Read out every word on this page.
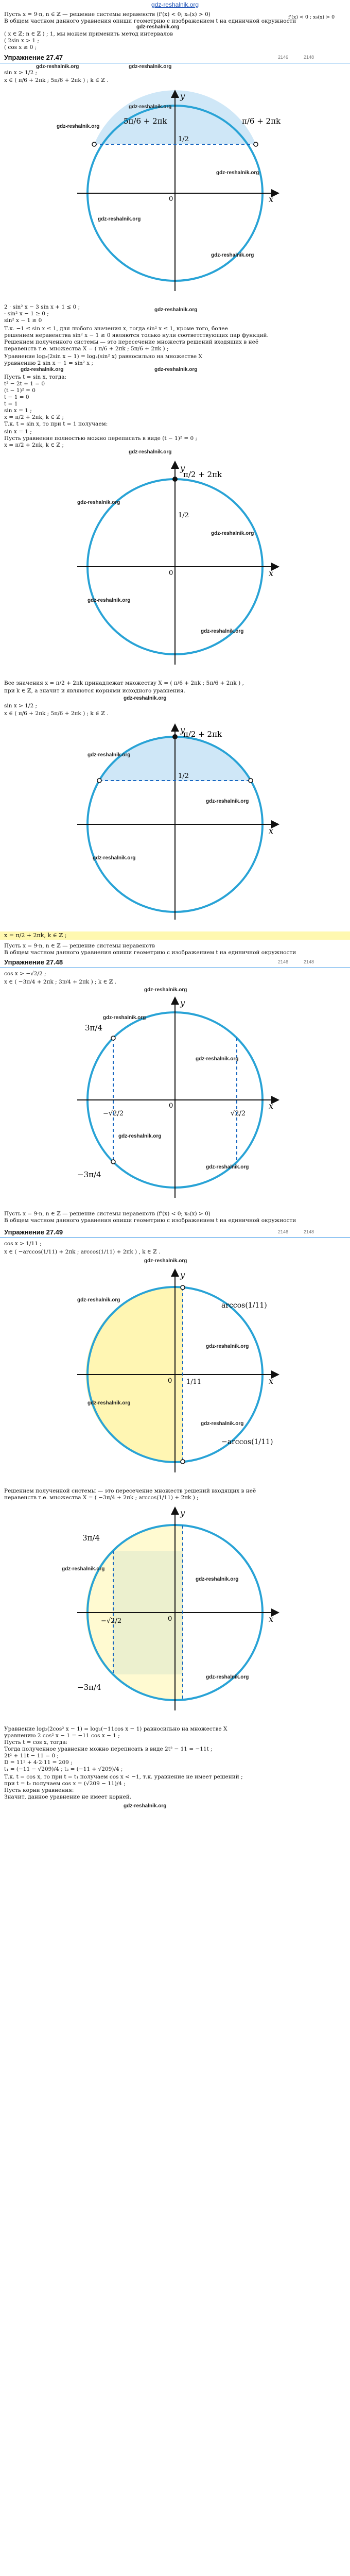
gdz-reshalnik.org
Пусть x = 9·n, n ∈ ℤ — решение системы неравенств (f'(x) < 0; x₀(x) > 0)
В общем частном данного уравнения опиши геометрию с изображением t на единичной окружности
gdz-reshalnik.org
( x ∈ ℤ; n ∈ ℤ ) ; 1, мы можем применить метод интервалов
( 2sin x > 1 ;
( cos x ≥ 0 ;
f'(x) < 0 ; x₀(x) > 0
Упражнение 27.47	2146	2148
gdz-reshalnik.org	gdz-reshalnik.org
sin x > 1/2 ;
x ∈ ( π/6 + 2πk ; 5π/6 + 2πk ) ; k ∈ ℤ .
5π/6 + 2πk	π/6 + 2πk
1/2
y
x
0
gdz-reshalnik.org
gdz-reshalnik.org
gdz-reshalnik.org
gdz-reshalnik.org
gdz-reshalnik.org
2 · sin² x − 3 sin x + 1 ≤ 0 ;
· sin² x − 1 ≥ 0 ;
sin² x − 1 ≥ 0
gdz-reshalnik.org
Т.к. −1 ≤ sin x ≤ 1, для любого значения x, тогда sin² x ≤ 1, кроме того, более
решением неравенства sin² x − 1 ≥ 0 являются только нули соответствующих пар функций.
Решением полученного системы — это пересечение множеств решений входящих в неё
неравенств т.е. множества X = ( π/6 + 2πk ; 5π/6 + 2πk ) ;
Уравнение log₂(2sin x − 1) = log₂(sin² x) равносильно на множестве X
уравнению 2 sin x − 1 = sin² x ;
gdz-reshalnik.org	gdz-reshalnik.org
Пусть t = sin x, тогда:
t² − 2t + 1 = 0
(t − 1)² = 0
t − 1 = 0
t = 1
sin x = 1 ;
x = π/2 + 2πk, k ∈ ℤ ;
Т.к. t = sin x, то при t = 1 получаем:
sin x = 1 ;
Пусть уравнение полностью можно переписать в виде (t − 1)² = 0 ;
x = π/2 + 2πk, k ∈ ℤ ;
gdz-reshalnik.org
π/2 + 2πk
1/2
y
x
0
gdz-reshalnik.org
gdz-reshalnik.org
gdz-reshalnik.org
gdz-reshalnik.org
Все значения x = π/2 + 2πk принадлежат множеству X = ( π/6 + 2πk ; 5π/6 + 2πk ) ,
при k ∈ ℤ, а значит и являются корнями исходного уравнения.
gdz-reshalnik.org
sin x > 1/2 ;
x ∈ ( π/6 + 2πk ; 5π/6 + 2πk ) ; k ∈ ℤ .
π/2 + 2πk
1/2
y
x
gdz-reshalnik.org
gdz-reshalnik.org
gdz-reshalnik.org
x = π/2 + 2πk, k ∈ ℤ ;
Пусть x = 9·n, n ∈ ℤ — решение системы неравенств
В общем частном данного уравнения опиши геометрию с изображением t на единичной окружности
Упражнение 27.48	2146	2148
cos x > −√2/2 ;
x ∈ ( −3π/4 + 2πk ; 3π/4 + 2πk ) ; k ∈ ℤ .
gdz-reshalnik.org
3π/4
−3π/4
−√2/2	√2/2
y
x
0
gdz-reshalnik.org
gdz-reshalnik.org
gdz-reshalnik.org
gdz-reshalnik.org
Пусть x = 9·n, n ∈ ℤ — решение системы неравенств (f'(x) < 0; x₀(x) > 0)
В общем частном данного уравнения опиши геометрию с изображением t на единичной окружности
Упражнение 27.49	2146	2148
cos x > 1/11 ;
x ∈ ( −arccos(1/11) + 2πk ; arccos(1/11) + 2πk ) , k ∈ ℤ .
gdz-reshalnik.org
arccos(1/11)
−arccos(1/11)
1/11
y
x
0
gdz-reshalnik.org
gdz-reshalnik.org
gdz-reshalnik.org
gdz-reshalnik.org
Решением полученной системы — это пересечение множеств решений входящих в неё
неравенств т.е. множества X = ( −3π/4 + 2πk ; arccos(1/11) + 2πk ) ;
3π/4
−3π/4
−√2/2
y
x
0
gdz-reshalnik.org
gdz-reshalnik.org
gdz-reshalnik.org
Уравнение log₂(2cos² x − 1) = log₂(−11cos x − 1) равносильно на множестве X
уравнению 2 cos² x − 1 = −11 cos x − 1 ;
Пусть t = cos x, тогда:
Тогда полученное уравнение можно переписать в виде 2t² − 11 = −11t ;
2t² + 11t − 11 = 0 ;
D = 11² + 4·2·11 = 209 ;
t₁ = (−11 − √209)/4 ; t₂ = (−11 + √209)/4 ;
Т.к. t = cos x, то при t = t₁ получаем cos x < −1, т.к. уравнение не имеет решений ;
при t = t₂ получаем cos x = (√209 − 11)/4 ;
Пусть корни уравнения:
Значит, данное уравнение не имеет корней.
gdz-reshalnik.org
